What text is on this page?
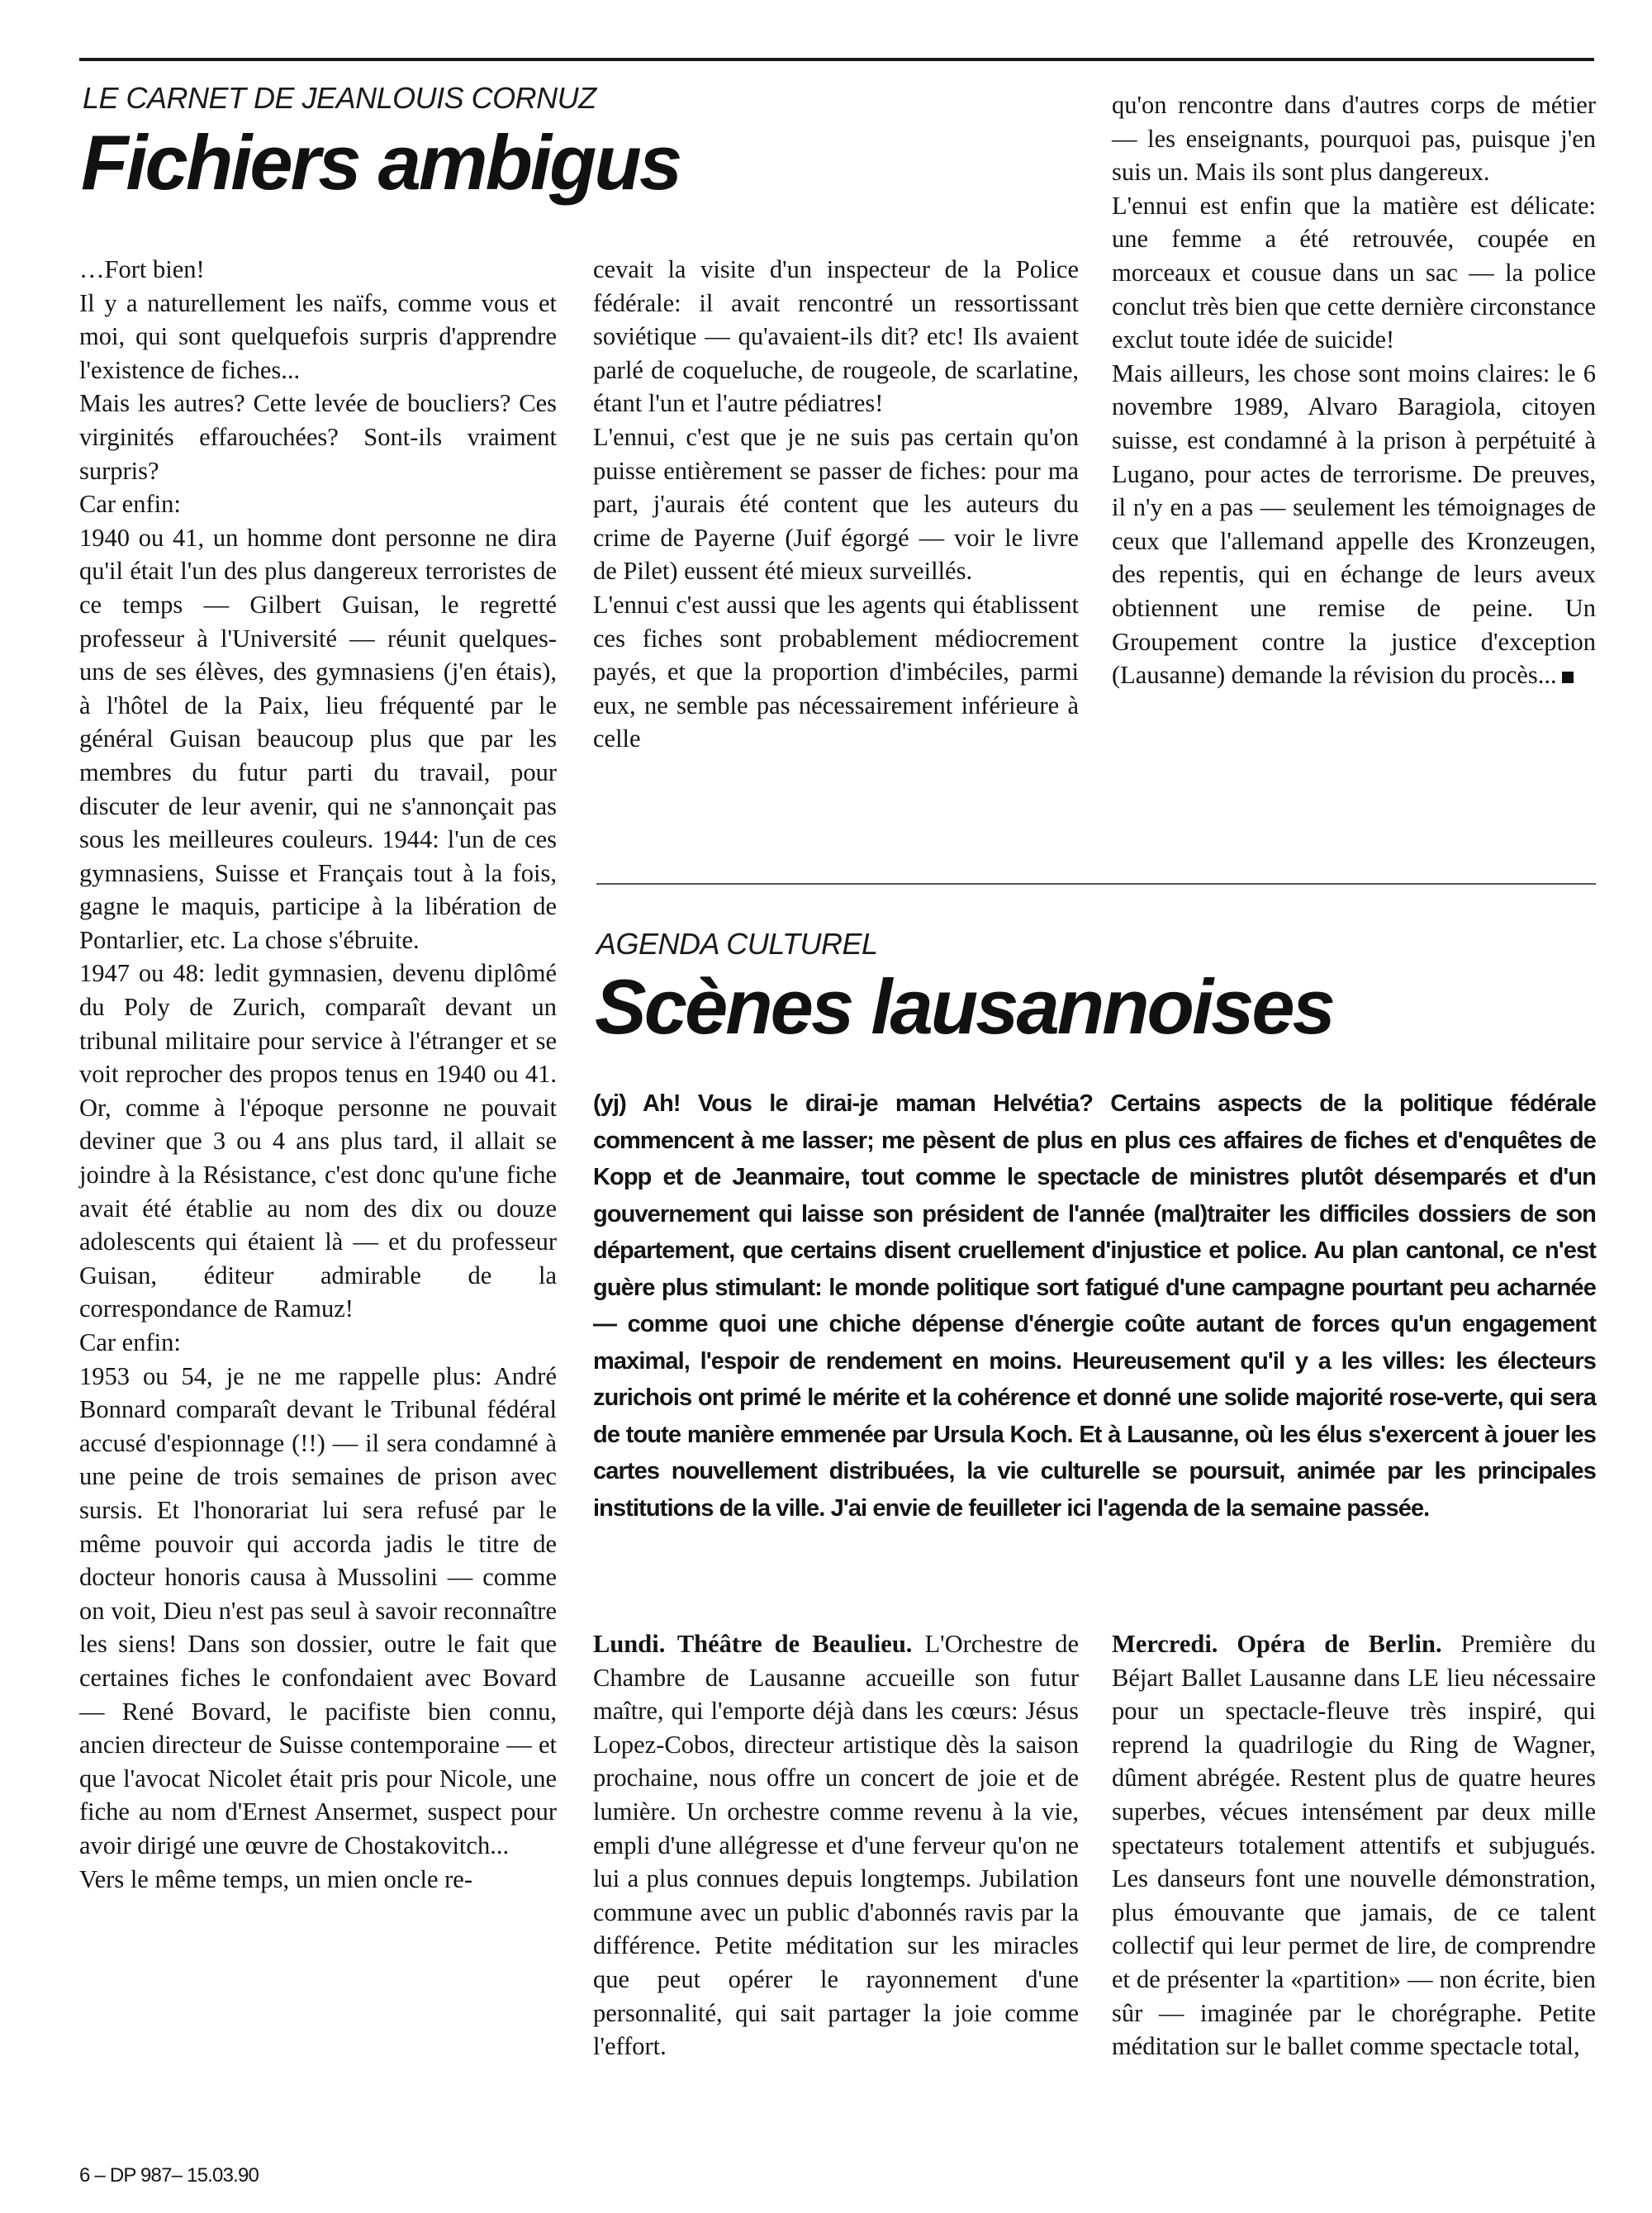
LE CARNET DE JEANLOUIS CORNUZ
Fichiers ambigus

…Fort bien!

Il y a naturellement les naïfs, comme vous et moi, qui sont quelquefois surpris d'apprendre l'existence de fiches...

Mais les autres? Cette levée de boucliers? Ces virginités effarouchées? Sont-ils vraiment surpris?

Car enfin:

1940 ou 41, un homme dont personne ne dira qu'il était l'un des plus dangereux terroristes de ce temps — Gilbert Guisan, le regretté professeur à l'Université — réunit quelques-uns de ses élèves, des gymnasiens (j'en étais), à l'hôtel de la Paix, lieu fréquenté par le général Guisan beaucoup plus que par les membres du futur parti du travail, pour discuter de leur avenir, qui ne s'annonçait pas sous les meilleures couleurs. 1944: l'un de ces gymnasiens, Suisse et Français tout à la fois, gagne le maquis, participe à la libération de Pontarlier, etc. La chose s'ébruite.

1947 ou 48: ledit gymnasien, devenu diplômé du Poly de Zurich, comparaît devant un tribunal militaire pour service à l'étranger et se voit reprocher des propos tenus en 1940 ou 41. Or, comme à l'époque personne ne pouvait deviner que 3 ou 4 ans plus tard, il allait se joindre à la Résistance, c'est donc qu'une fiche avait été établie au nom des dix ou douze adolescents qui étaient là — et du professeur Guisan, éditeur admirable de la correspondance de Ramuz!

Car enfin:

1953 ou 54, je ne me rappelle plus: André Bonnard comparaît devant le Tribunal fédéral accusé d'espionnage (!!) — il sera condamné à une peine de trois semaines de prison avec sursis. Et l'honorariat lui sera refusé par le même pouvoir qui accorda jadis le titre de docteur honoris causa à Mussolini — comme on voit, Dieu n'est pas seul à savoir reconnaître les siens! Dans son dossier, outre le fait que certaines fiches le confondaient avec Bovard — René Bovard, le pacifiste bien connu, ancien directeur de Suisse contemporaine — et que l'avocat Nicolet était pris pour Nicole, une fiche au nom d'Ernest Ansermet, suspect pour avoir dirigé une œuvre de Chostakovitch...

Vers le même temps, un mien oncle re-

cevait la visite d'un inspecteur de la Police fédérale: il avait rencontré un ressortissant soviétique — qu'avaient-ils dit? etc! Ils avaient parlé de coqueluche, de rougeole, de scarlatine, étant l'un et l'autre pédiatres!

L'ennui, c'est que je ne suis pas certain qu'on puisse entièrement se passer de fiches: pour ma part, j'aurais été content que les auteurs du crime de Payerne (Juif égorgé — voir le livre de Pilet) eussent été mieux surveillés.

L'ennui c'est aussi que les agents qui établissent ces fiches sont probablement médiocrement payés, et que la proportion d'imbéciles, parmi eux, ne semble pas nécessairement inférieure à celle

qu'on rencontre dans d'autres corps de métier — les enseignants, pourquoi pas, puisque j'en suis un. Mais ils sont plus dangereux.

L'ennui est enfin que la matière est délicate: une femme a été retrouvée, coupée en morceaux et cousue dans un sac — la police conclut très bien que cette dernière circonstance exclut toute idée de suicide!

Mais ailleurs, les chose sont moins claires: le 6 novembre 1989, Alvaro Baragiola, citoyen suisse, est condamné à la prison à perpétuité à Lugano, pour actes de terrorisme. De preuves, il n'y en a pas — seulement les témoignages de ceux que l'allemand appelle des Kronzeugen, des repentis, qui en échange de leurs aveux obtiennent une remise de peine. Un Groupement contre la justice d'exception (Lausanne) demande la révision du procès...

AGENDA CULTUREL
Scènes lausannoises
(yj) Ah! Vous le dirai-je maman Helvétia? Certains aspects de la politique fédérale commencent à me lasser; me pèsent de plus en plus ces affaires de fiches et d'enquêtes de Kopp et de Jeanmaire, tout comme le spectacle de ministres plutôt désemparés et d'un gouvernement qui laisse son président de l'année (mal)traiter les difficiles dossiers de son département, que certains disent cruellement d'injustice et police. Au plan cantonal, ce n'est guère plus stimulant: le monde politique sort fatigué d'une campagne pourtant peu acharnée — comme quoi une chiche dépense d'énergie coûte autant de forces qu'un engagement maximal, l'espoir de rendement en moins. Heureusement qu'il y a les villes: les électeurs zurichois ont primé le mérite et la cohérence et donné une solide majorité rose-verte, qui sera de toute manière emmenée par Ursula Koch. Et à Lausanne, où les élus s'exercent à jouer les cartes nouvellement distribuées, la vie culturelle se poursuit, animée par les principales institutions de la ville. J'ai envie de feuilleter ici l'agenda de la semaine passée.

Lundi. Théâtre de Beaulieu. L'Orchestre de Chambre de Lausanne accueille son futur maître, qui l'emporte déjà dans les cœurs: Jésus Lopez-Cobos, directeur artistique dès la saison prochaine, nous offre un concert de joie et de lumière. Un orchestre comme revenu à la vie, empli d'une allégresse et d'une ferveur qu'on ne lui a plus connues depuis longtemps. Jubilation commune avec un public d'abonnés ravis par la différence. Petite méditation sur les miracles que peut opérer le rayonnement d'une personnalité, qui sait partager la joie comme l'effort.

Mercredi. Opéra de Berlin. Première du Béjart Ballet Lausanne dans LE lieu nécessaire pour un spectacle-fleuve très inspiré, qui reprend la quadrilogie du Ring de Wagner, dûment abrégée. Restent plus de quatre heures superbes, vécues intensément par deux mille spectateurs totalement attentifs et subjugués. Les danseurs font une nouvelle démonstration, plus émouvante que jamais, de ce talent collectif qui leur permet de lire, de comprendre et de présenter la «partition» — non écrite, bien sûr — imaginée par le chorégraphe. Petite méditation sur le ballet comme spectacle total,

6 – DP 987– 15.03.90
